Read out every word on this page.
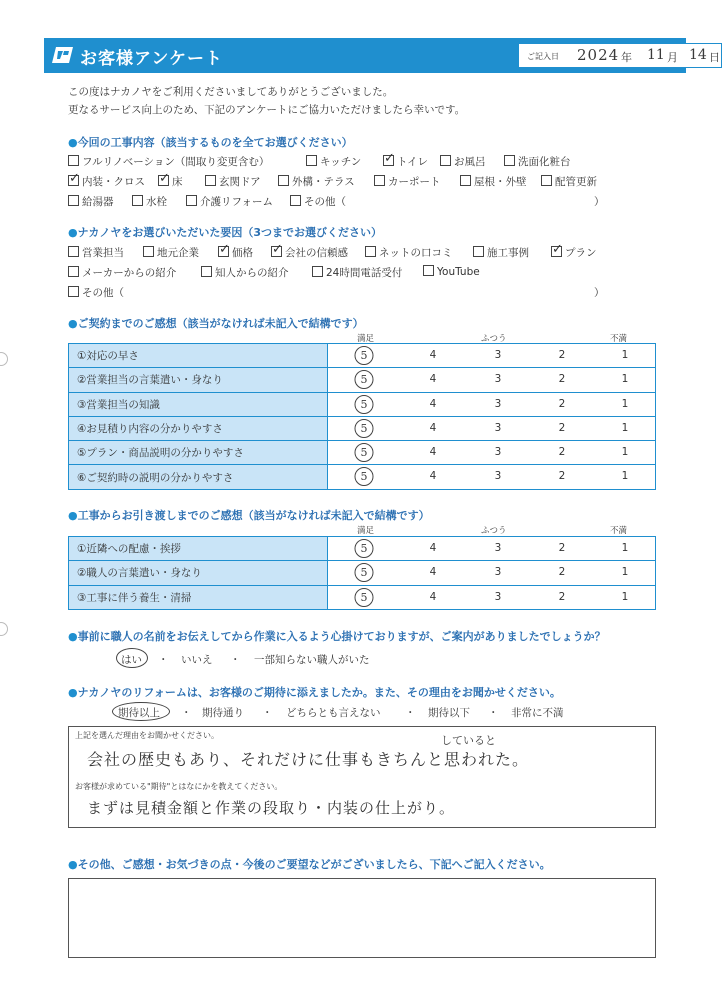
お客様アンケート	ご記入日 2024 年 11 月 14 日
この度はナカノヤをご利用くださいましてありがとうございました。
更なるサービス向上のため、下記のアンケートにご協力いただけましたら幸いです。
●今回の工事内容（該当するものを全てお選びください）
フルリノベーション（間取り変更含む）	キッチン ✓	トイレ	お風呂	洗面化粧台
✓内装・クロス ✓	床	玄関ドア	外構・テラス	カーポート	屋根・外壁	配管更新
給湯器	水栓	介護リフォーム	その他（	）
●ナカノヤをお選びいただいた要因（3つまでお選びください）
営業担当	地元企業 ✓	価格 ✓	会社の信頼感	ネットの口コミ	施工事例 ✓	プラン
メーカーからの紹介	知人からの紹介	24時間電話受付	YouTube
その他（	）
●ご契約までのご感想（該当がなければ未記入で結構です）
満足	ふつう	不満
①対応の早さ	5 4 3 2 1

②営業担当の言葉遣い・身なり	5 4 3 2 1

③営業担当の知識	5 4 3 2 1

④お見積り内容の分かりやすさ	5 4 3 2 1

⑤プラン・商品説明の分かりやすさ	5 4 3 2 1

⑥ご契約時の説明の分かりやすさ	5 4 3 2 1
●工事からお引き渡しまでのご感想（該当がなければ未記入で結構です）
満足	ふつう	不満
①近隣への配慮・挨拶	5 4 3 2 1

②職人の言葉遣い・身なり	5 4 3 2 1

③工事に伴う養生・清掃	5 4 3 2 1
●事前に職人の名前をお伝えしてから作業に入るよう心掛けておりますが、ご案内がありましたでしょうか？
はい ・ いいえ ・ 一部知らない職人がいた
●ナカノヤのリフォームは、お客様のご期待に添えましたか。また、その理由をお聞かせください。
期待以上 ・ 期待通り ・ どちらとも言えない ・ 期待以下 ・ 非常に不満
上記を選んだ理由をお聞かせください。	していると
会社の歴史もあり、それだけに仕事もきちんと思われた。
お客様が求めている"期待"とはなにかを教えてください。
まずは見積金額と作業の段取り・内装の仕上がり。
●その他、ご感想・お気づきの点・今後のご要望などがございましたら、下記へご記入ください。
